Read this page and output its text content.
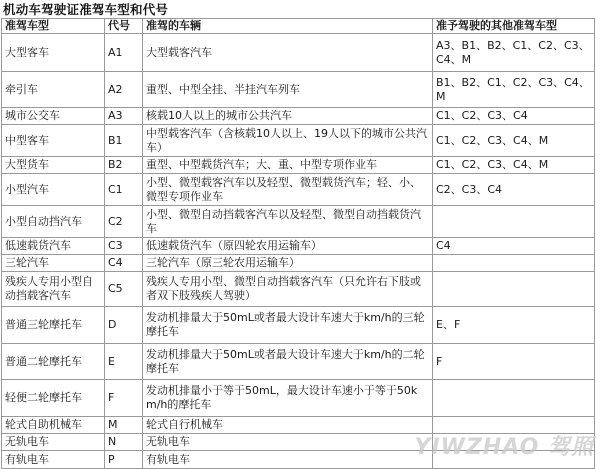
机动车驾驶证准驾车型和代号
准驾车型	代号	准驾的车辆	准予驾驶的其他准驾车型
大型客车	A1	大型载客汽车	A3、B1、B2、C1、C2、C3、C4、M
牵引车	A2	重型、中型全挂、半挂汽车列车	B1、B2、C1、C2、C3、C4、M
城市公交车	A3	核载10人以上的城市公共汽车	C1、C2、C3、C4
中型客车	B1	中型载客汽车（含核载10人以上、19人以下的城市公共汽车）	C1、C2、C3、C4、M
大型货车	B2	重型、中型载货汽车；大、重、中型专项作业车	C1、C2、C3、C4、M
小型汽车	C1	小型、微型载客汽车以及轻型、微型载货汽车；轻、小、微型专项作业车	C2、C3、C4
小型自动挡汽车	C2	小型、微型自动挡载客汽车以及轻型、微型自动挡载货汽车	
低速载货汽车	C3	低速载货汽车（原四轮农用运输车）	C4
三轮汽车	C4	三轮汽车（原三轮农用运输车）	
残疾人专用小型自动挡载客汽车	C5	残疾人专用小型、微型自动挡载客汽车（只允许右下肢或者双下肢残疾人驾驶）	
普通三轮摩托车	D	发动机排量大于50mL或者最大设计车速大于km/h的三轮摩托车	E、F
普通二轮摩托车	E	发动机排量大于50mL或者最大设计车速大于km/h的二轮摩托车	F
轻便二轮摩托车	F	发动机排量小于等于50mL，最大设计车速小于等于50km/h的摩托车	
轮式自助机械车	M	轮式自行机械车	
无轨电车	N	无轨电车	
有轨电车	P	有轨电车		YIWZHAO 驾照
